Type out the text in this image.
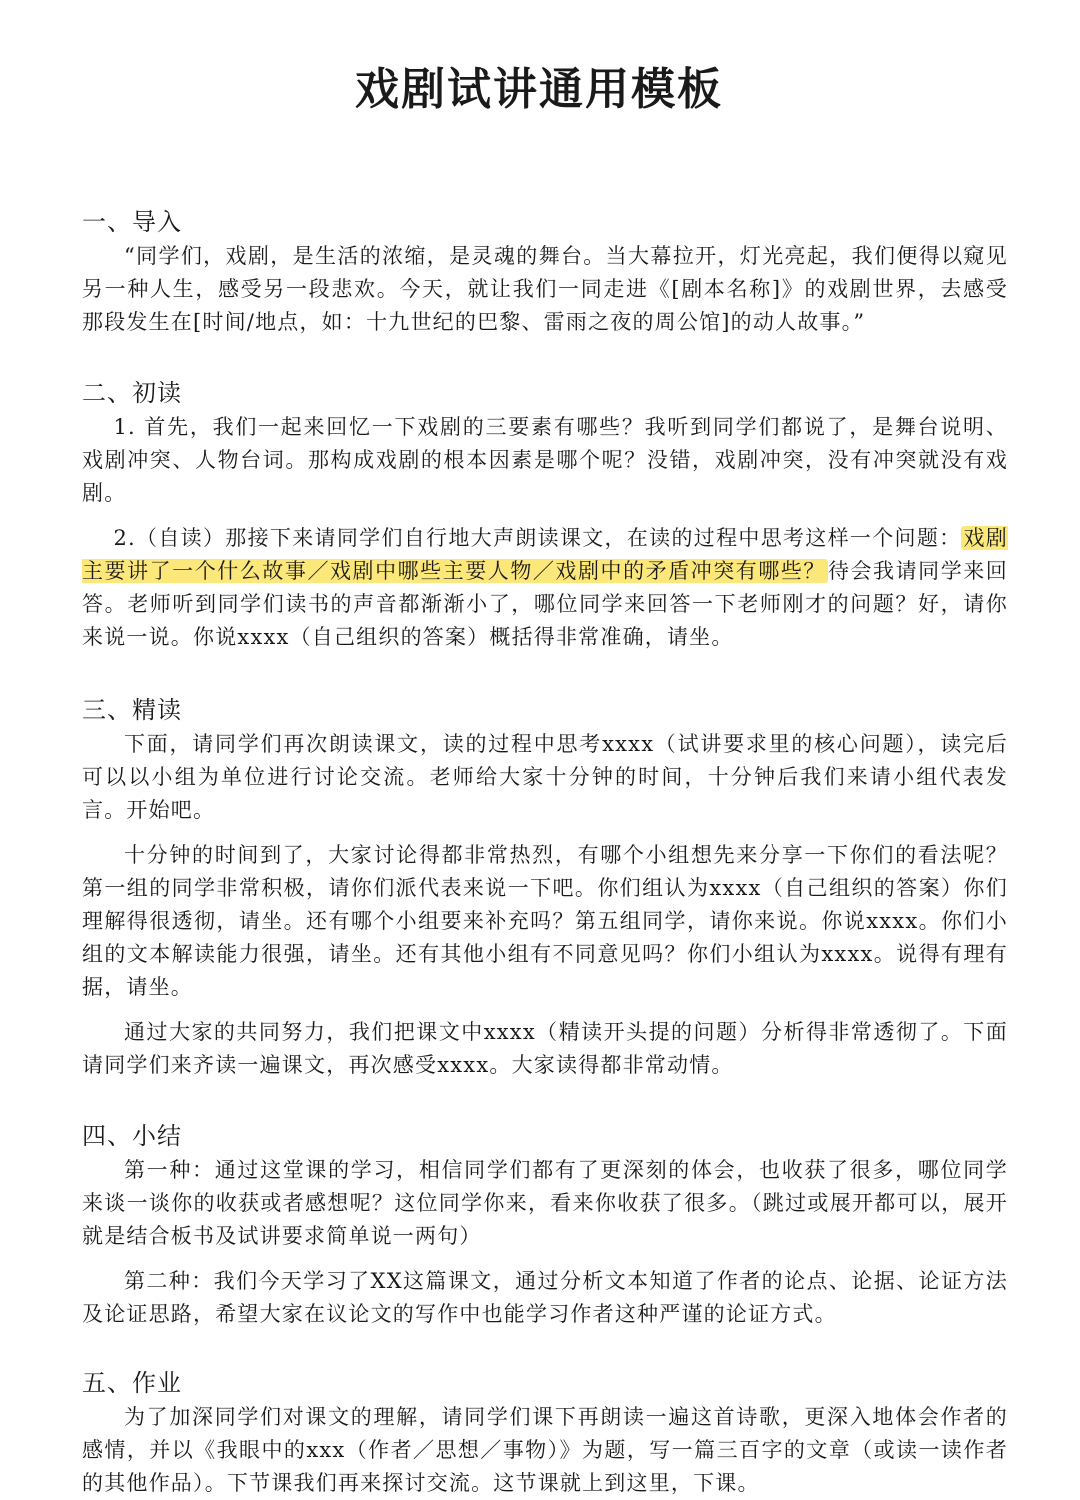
戏剧试讲通用模板
一、导入

“同学们，戏剧，是生活的浓缩，是灵魂的舞台。当大幕拉开，灯光亮起，我们便得以窥见另一种人生，感受另一段悲欢。今天，就让我们一同走进《[剧本名称]》的戏剧世界，去感受那段发生在[时间/地点，如：十九世纪的巴黎、雷雨之夜的周公馆]的动人故事。”

二、初读

1. 首先，我们一起来回忆一下戏剧的三要素有哪些？我听到同学们都说了，是舞台说明、戏剧冲突、人物台词。那构成戏剧的根本因素是哪个呢？没错，戏剧冲突，没有冲突就没有戏剧。

2.（自读）那接下来请同学们自行地大声朗读课文，在读的过程中思考这样一个问题：戏剧主要讲了一个什么故事／戏剧中哪些主要人物／戏剧中的矛盾冲突有哪些？待会我请同学来回答。老师听到同学们读书的声音都渐渐小了，哪位同学来回答一下老师刚才的问题？好，请你来说一说。你说xxxx（自己组织的答案）概括得非常准确，请坐。

三、精读

下面，请同学们再次朗读课文，读的过程中思考xxxx（试讲要求里的核心问题），读完后可以以小组为单位进行讨论交流。老师给大家十分钟的时间，十分钟后我们来请小组代表发言。开始吧。

十分钟的时间到了，大家讨论得都非常热烈，有哪个小组想先来分享一下你们的看法呢？第一组的同学非常积极，请你们派代表来说一下吧。你们组认为xxxx（自己组织的答案）你们理解得很透彻，请坐。还有哪个小组要来补充吗？第五组同学，请你来说。你说xxxx。你们小组的文本解读能力很强，请坐。还有其他小组有不同意见吗？你们小组认为xxxx。说得有理有据，请坐。

通过大家的共同努力，我们把课文中xxxx（精读开头提的问题）分析得非常透彻了。下面请同学们来齐读一遍课文，再次感受xxxx。大家读得都非常动情。

四、小结

第一种：通过这堂课的学习，相信同学们都有了更深刻的体会，也收获了很多，哪位同学来谈一谈你的收获或者感想呢？这位同学你来，看来你收获了很多。（跳过或展开都可以，展开就是结合板书及试讲要求简单说一两句）

第二种：我们今天学习了XX这篇课文，通过分析文本知道了作者的论点、论据、论证方法及论证思路，希望大家在议论文的写作中也能学习作者这种严谨的论证方式。

五、作业

为了加深同学们对课文的理解，请同学们课下再朗读一遍这首诗歌，更深入地体会作者的感情，并以《我眼中的xxx（作者／思想／事物）》为题，写一篇三百字的文章（或读一读作者的其他作品）。下节课我们再来探讨交流。这节课就上到这里，下课。
